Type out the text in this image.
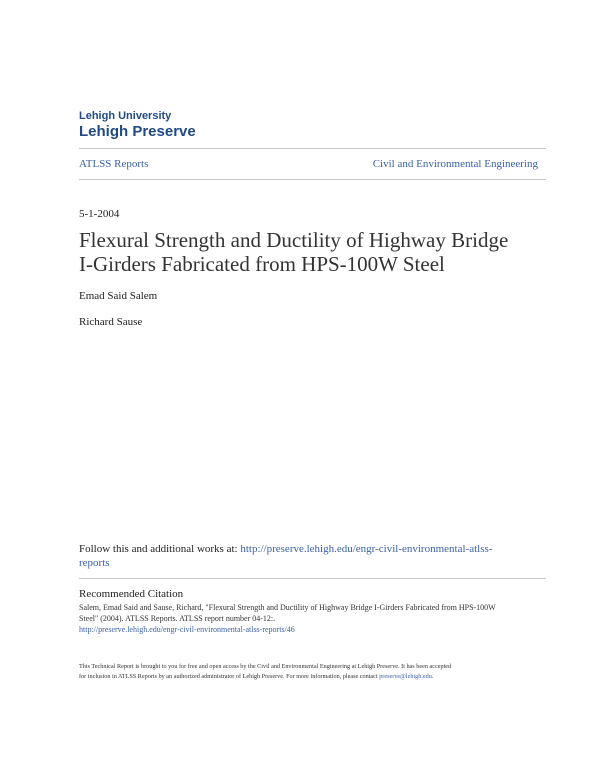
Lehigh University
Lehigh Preserve
ATLSS Reports	Civil and Environmental Engineering
5-1-2004
Flexural Strength and Ductility of Highway Bridge
I-Girders Fabricated from HPS-100W Steel
Emad Said Salem
Richard Sause
Follow this and additional works at: http://preserve.lehigh.edu/engr-civil-environmental-atlss-
reports
Recommended Citation
Salem, Emad Said and Sause, Richard, "Flexural Strength and Ductility of Highway Bridge I-Girders Fabricated from HPS-100W
Steel" (2004). ATLSS Reports. ATLSS report number 04-12:.
http://preserve.lehigh.edu/engr-civil-environmental-atlss-reports/46
This Technical Report is brought to you for free and open access by the Civil and Environmental Engineering at Lehigh Preserve. It has been accepted
for inclusion in ATLSS Reports by an authorized administrator of Lehigh Preserve. For more information, please contact preserve@lehigh.edu.
